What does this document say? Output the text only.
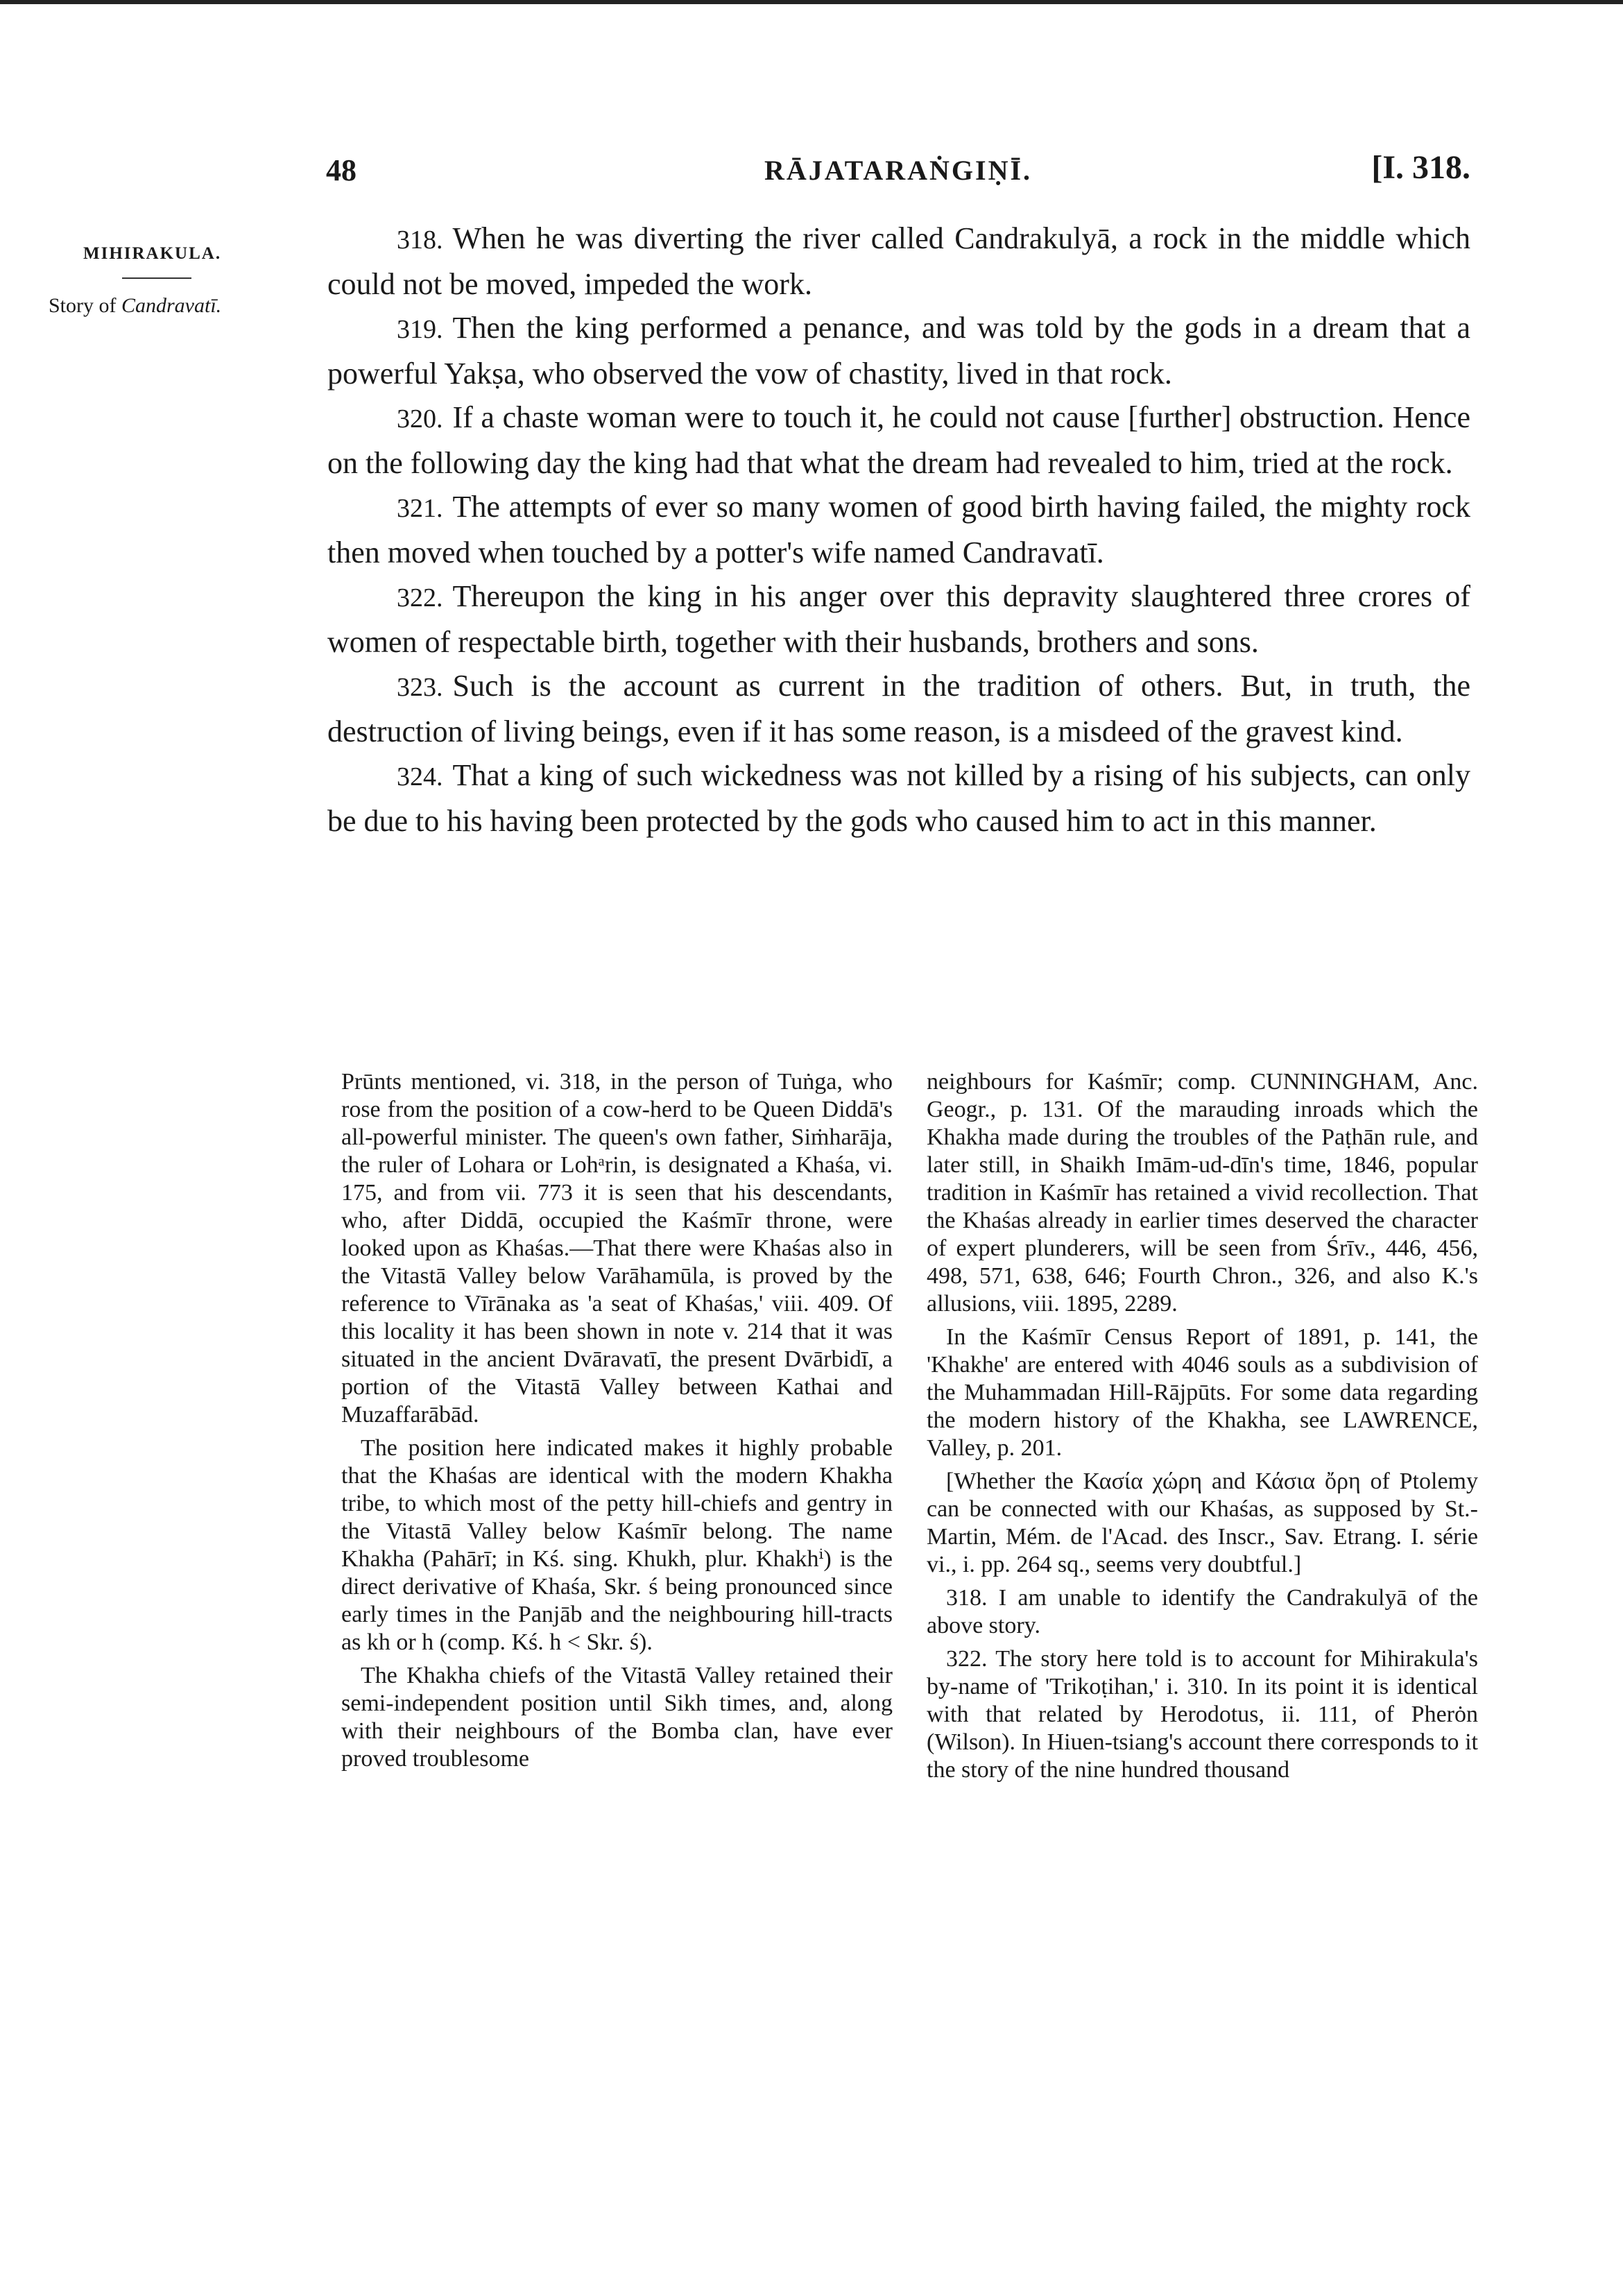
48	RĀJATARAṄGIṆĪ.	[I. 318.
MIHIRAKULA.
Story of Candravatī.

318. When he was diverting the river called Candrakulyā, a rock in the middle which could not be moved, impeded the work.

319. Then the king performed a penance, and was told by the gods in a dream that a powerful Yakṣa, who observed the vow of chastity, lived in that rock.

320. If a chaste woman were to touch it, he could not cause [further] obstruction. Hence on the following day the king had that what the dream had revealed to him, tried at the rock.

321. The attempts of ever so many women of good birth having failed, the mighty rock then moved when touched by a potter's wife named Candravatī.

322. Thereupon the king in his anger over this depravity slaughtered three crores of women of respectable birth, together with their husbands, brothers and sons.

323. Such is the account as current in the tradition of others. But, in truth, the destruction of living beings, even if it has some reason, is a misdeed of the gravest kind.

324. That a king of such wickedness was not killed by a rising of his subjects, can only be due to his having been protected by the gods who caused him to act in this manner.

Prūnts mentioned, vi. 318, in the person of Tuṅga, who rose from the position of a cow-herd to be Queen Diddā's all-powerful minister. The queen's own father, Siṁharāja, the ruler of Lohara or Lohᵃrin, is designated a Khaśa, vi. 175, and from vii. 773 it is seen that his descendants, who, after Diddā, occupied the Kaśmīr throne, were looked upon as Khaśas.—That there were Khaśas also in the Vitastā Valley below Varāhamūla, is proved by the reference to Vīrānaka as 'a seat of Khaśas,' viii. 409. Of this locality it has been shown in note v. 214 that it was situated in the ancient Dvāravatī, the present Dvārbidī, a portion of the Vitastā Valley between Kathai and Muzaffarābād.

The position here indicated makes it highly probable that the Khaśas are identical with the modern Khakha tribe, to which most of the petty hill-chiefs and gentry in the Vitastā Valley below Kaśmīr belong. The name Khakha (Pahārī; in Kś. sing. Khukh, plur. Khakhⁱ) is the direct derivative of Khaśa, Skr. ś being pronounced since early times in the Panjāb and the neighbouring hill-tracts as kh or h (comp. Kś. h < Skr. ś).

The Khakha chiefs of the Vitastā Valley retained their semi-independent position until Sikh times, and, along with their neighbours of the Bomba clan, have ever proved troublesome

neighbours for Kaśmīr; comp. CUNNINGHAM, Anc. Geogr., p. 131. Of the marauding inroads which the Khakha made during the troubles of the Paṭhān rule, and later still, in Shaikh Imām-ud-dīn's time, 1846, popular tradition in Kaśmīr has retained a vivid recollection. That the Khaśas already in earlier times deserved the character of expert plunderers, will be seen from Śrīv., 446, 456, 498, 571, 638, 646; Fourth Chron., 326, and also K.'s allusions, viii. 1895, 2289.

In the Kaśmīr Census Report of 1891, p. 141, the 'Khakhe' are entered with 4046 souls as a subdivision of the Muhammadan Hill-Rājpūts. For some data regarding the modern history of the Khakha, see LAWRENCE, Valley, p. 201.

[Whether the Κασία χώρη and Κάσια ὄρη of Ptolemy can be connected with our Khaśas, as supposed by St.-Martin, Mém. de l'Acad. des Inscr., Sav. Etrang. I. série vi., i. pp. 264 sq., seems very doubtful.]

318. I am unable to identify the Candrakulyā of the above story.

322. The story here told is to account for Mihirakula's by-name of 'Trikoṭihan,' i. 310. In its point it is identical with that related by Herodotus, ii. 111, of Pherȯn (Wilson). In Hiuen-tsiang's account there corresponds to it the story of the nine hundred thousand
